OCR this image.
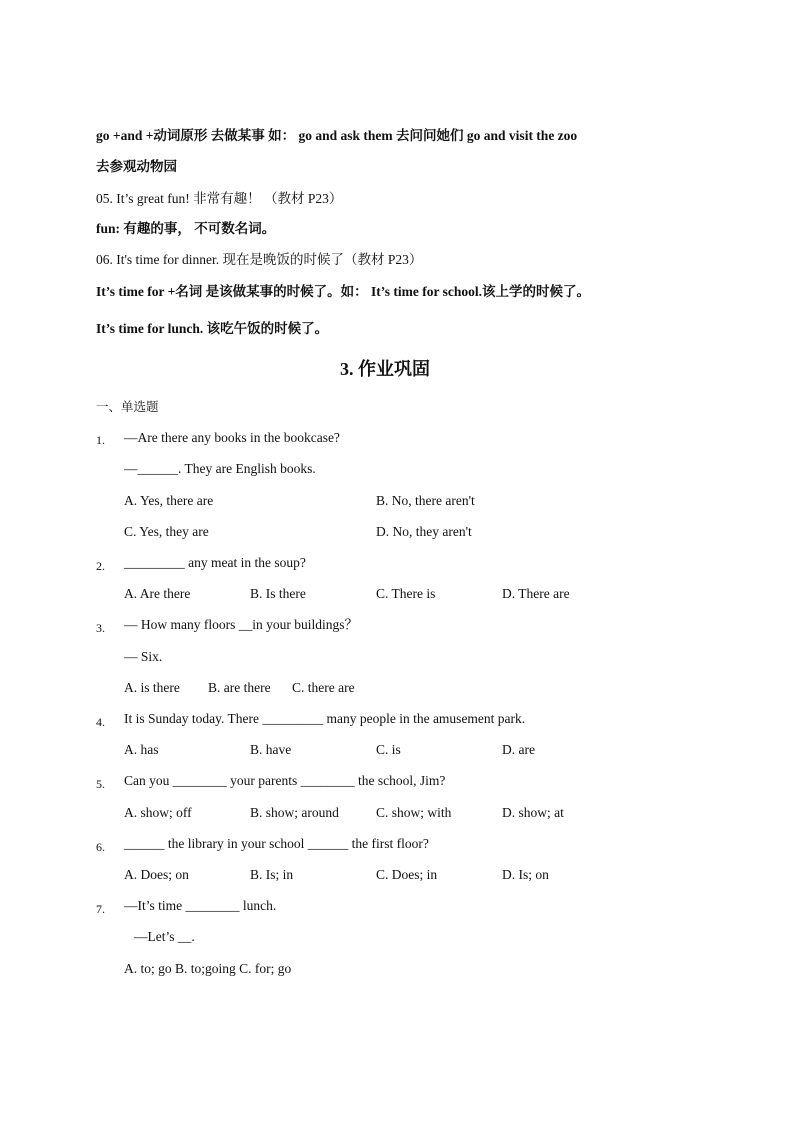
go +and +动词原形 去做某事 如： go and ask them 去问问她们 go and visit the zoo
去参观动物园
05. It’s great fun! 非常有趣！ （教材 P23）
fun: 有趣的事， 不可数名词。
06. It's time for dinner. 现在是晚饭的时候了（教材 P23）
It’s time for +名词 是该做某事的时候了。如： It’s time for school.该上学的时候了。
It’s time for lunch. 该吃午饭的时候了。
3. 作业巩固
一、单选题
1. —Are there any books in the bookcase?
—______. They are English books.
A. Yes, there are	B. No, there aren't
C. Yes, they are	D. No, they aren't
2. _________ any meat in the soup?
A. Are there	B. Is there	C. There is	D. There are
3. — How many floors __in your buildings？
— Six.
A. is there B. are there C. there are
4. It is Sunday today. There _________ many people in the amusement park.
A. has	B. have	C. is	D. are
5. Can you ________ your parents ________ the school, Jim?
A. show; off	B. show; around	C. show; with	D. show; at
6. ______ the library in your school ______ the first floor?
A. Does; on	B. Is; in	C. Does; in	D. Is; on
7. —It’s time ________ lunch.
—Let’s __.
A. to; go B. to;going C. for; go
